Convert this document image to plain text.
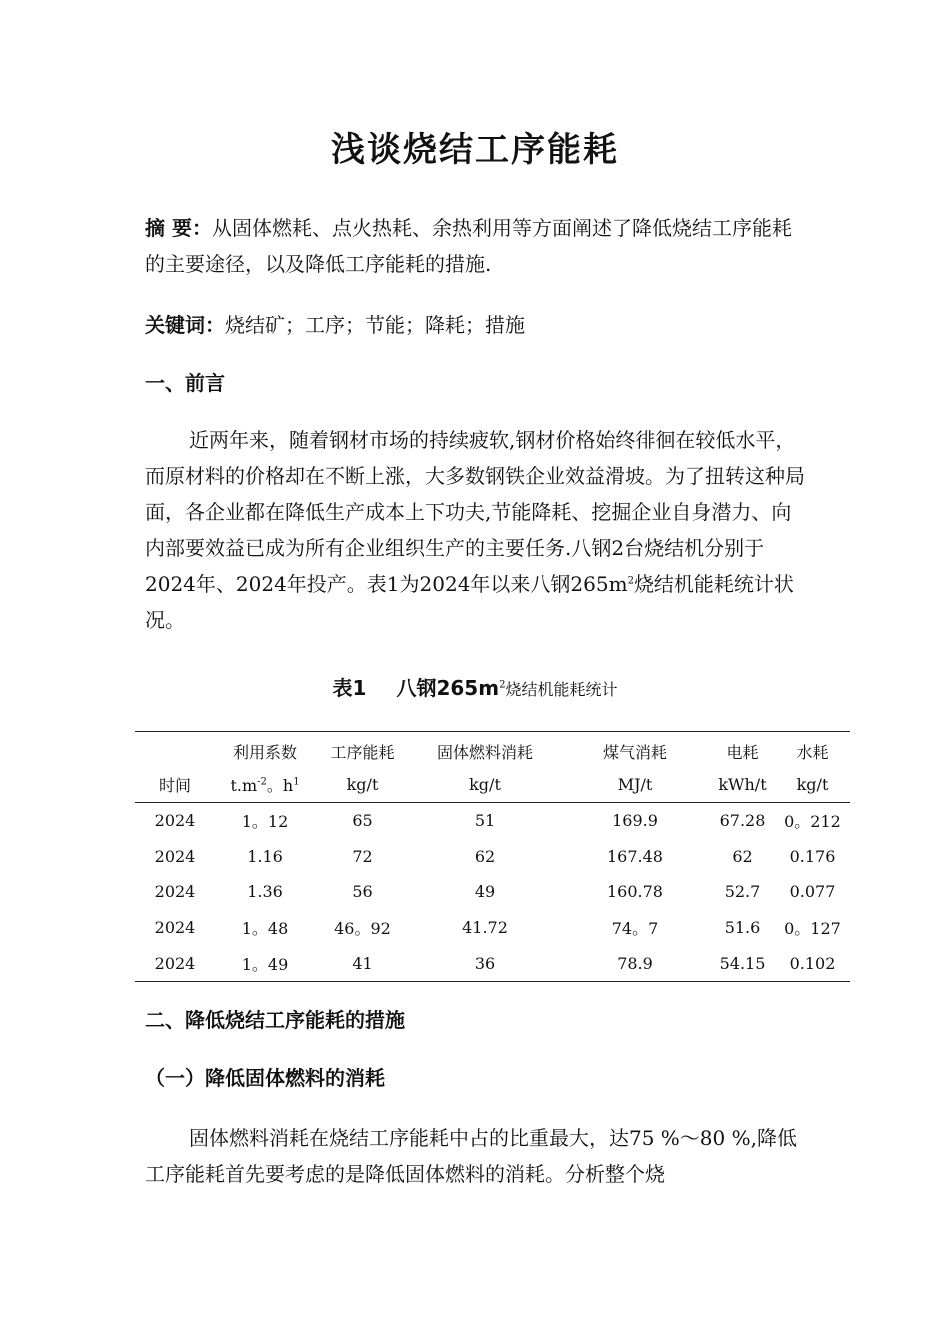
浅谈烧结工序能耗
摘 要：从固体燃耗、点火热耗、余热利用等方面阐述了降低烧结工序能耗的主要途径，以及降低工序能耗的措施.
关键词：烧结矿；工序；节能；降耗；措施
一、前言
近两年来，随着钢材市场的持续疲软,钢材价格始终徘徊在较低水平，而原材料的价格却在不断上涨，大多数钢铁企业效益滑坡。为了扭转这种局面，各企业都在降低生产成本上下功夫,节能降耗、挖掘企业自身潜力、向内部要效益已成为所有企业组织生产的主要任务.八钢2台烧结机分别于2024年、2024年投产。表1为2024年以来八钢$265m^2$烧结机能耗统计状况。
表1 八钢$265m^2$烧结机能耗统计
	利用系数	工序能耗	固体燃料消耗	煤气消耗	电耗	水耗
时间	$t.m^{-2}$。$h^1$	kg/t	kg/t	MJ/t	kWh/t	kg/t
2024	1。12	65	51	169.9	67.28	0。212
2024	1.16	72	62	167.48	62	0.176
2024	1.36	56	49	160.78	52.7	0.077
2024	1。48	46。92	41.72	74。7	51.6	0。127
2024	1。49	41	36	78.9	54.15	0.102
二、降低烧结工序能耗的措施
（一）降低固体燃料的消耗
固体燃料消耗在烧结工序能耗中占的比重最大，达75 %～80 %,降低工序能耗首先要考虑的是降低固体燃料的消耗。分析整个烧
